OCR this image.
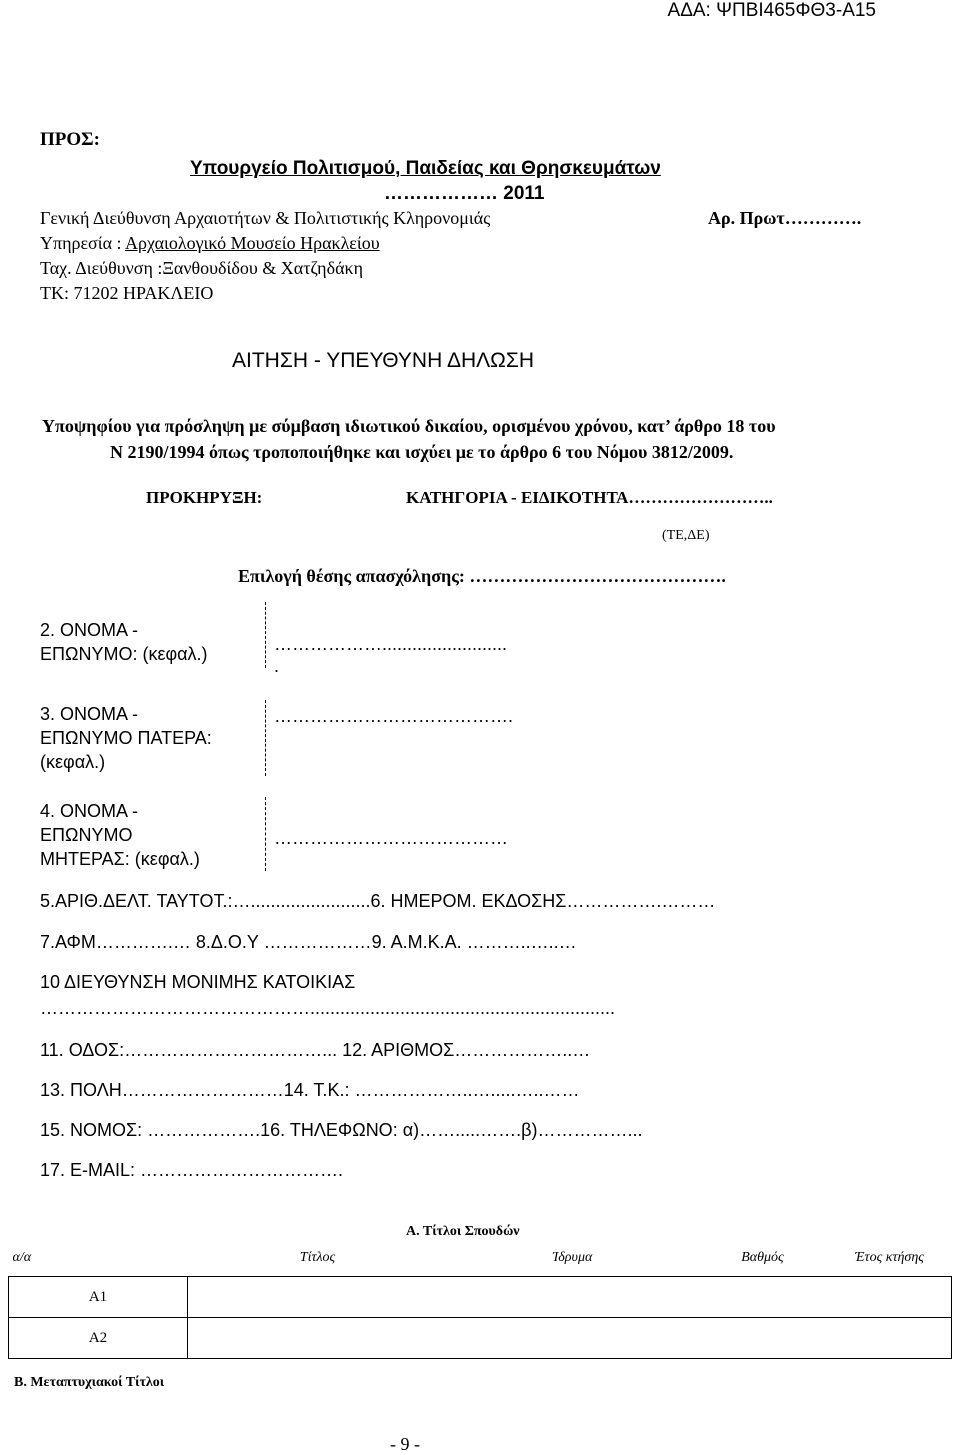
ΑΔΑ: ΨΠΒΙ465ΦΘ3-Α15
ΠΡΟΣ:
Υπουργείο Πολιτισμού, Παιδείας και Θρησκευμάτων
……………… 2011
Γενική Διεύθυνση Αρχαιοτήτων & Πολιτιστικής Κληρονομιάς	Αρ. Πρωτ………….
Υπηρεσία : Αρχαιολογικό Μουσείο Ηρακλείου
Ταχ. Διεύθυνση :Ξανθουδίδου & Χατζηδάκη
ΤΚ: 71202 ΗΡΑΚΛΕΙΟ
ΑΙΤΗΣΗ - ΥΠΕΥΘΥΝΗ ΔΗΛΩΣΗ
Υποψηφίου για πρόσληψη με σύμβαση ιδιωτικού δικαίου, ορισμένου χρόνου, κατ’ άρθρο 18 του
Ν 2190/1994 όπως τροποποιήθηκε και ισχύει με το άρθρο 6 του Νόμου 3812/2009.
ΠΡΟΚΗΡΥΞΗ:	ΚΑΤΗΓΟΡΙΑ - ΕΙΔΙΚΟΤΗΤΑ……………………..
(ΤΕ,ΔΕ)
Επιλογή θέσης απασχόλησης: …………………………………….
2. ΟΝΟΜΑ -
ΕΠΩΝΥΜΟ: (κεφαλ.)	……………….........................
.
3. ΟΝΟΜΑ -
ΕΠΩΝΥΜΟ ΠΑΤΕΡΑ:
(κεφαλ.)
………………………………….
4. ΟΝΟΜΑ -
ΕΠΩΝΥΜΟ
ΜΗΤΕΡΑΣ: (κεφαλ.)
…………………………………
5.ΑΡΙΘ.ΔΕΛΤ. ΤΑΥΤΟΤ.:…........................6. ΗΜΕΡΟΜ. ΕΚΔΟΣΗΣ…………….………
7.ΑΦΜ………….… 8.Δ.Ο.Υ ………………9. Α.Μ.Κ.Α. ………..…..…
10 ΔΙΕΥΘΥΝΣΗ ΜΟΝΙΜΗΣ ΚΑΤΟΙΚΙΑΣ
……………………………………….............................................................
11. ΟΔΟΣ:……………………………... 12. ΑΡΙΘΜΟΣ………………..…
13. ΠΟΛΗ………………………14. Τ.Κ.: ………………..….....…..……
15. ΝΟΜΟΣ: ……………….16. ΤΗΛΕΦΩΝΟ: α)…….....…….β)……………...
17. E-MAIL: …………………………….
Α. Τίτλοι Σπουδών
α/α	Τίτλος	Ίδρυμα	Βαθμός	Έτος κτήσης
Α1				
Α2				
Β. Μεταπτυχιακοί Τίτλοι
- 9 -
